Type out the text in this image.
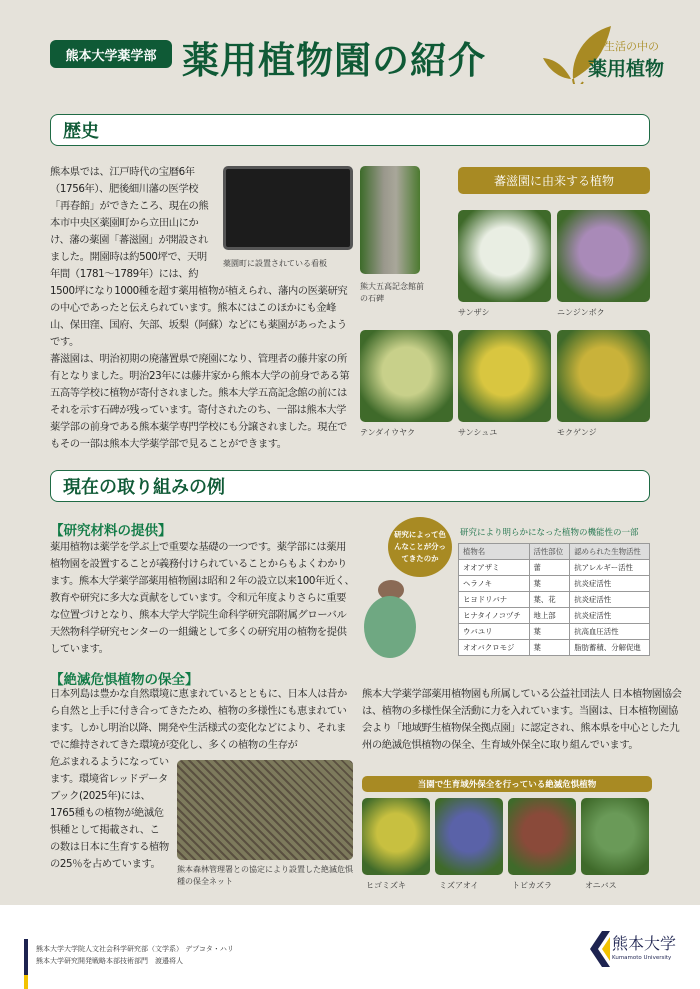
熊本大学薬学部 薬用植物園の紹介	生活の中の
薬用植物
歴史
薬園町に設置されている看板
熊本県では、江戸時代の宝暦6年（1756年）、肥後細川藩の医学校「再春館」ができたころ、現在の熊本市中央区薬園町から立田山にかけ、藩の薬園「蕃滋園」が開設されました。開園時は約500坪で、天明年間（1781～1789年）には、約1500坪になり1000種を超す薬用植物が植えられ、藩内の医薬研究の中心であったと伝えられています。熊本にはこのほかにも金峰山、保田窪、国府、矢部、坂梨（阿蘇）などにも薬園があったようです。
蕃滋園は、明治初期の廃藩置県で廃園になり、管理者の藤井家の所有となりました。明治23年には藤井家から熊本大学の前身である第五高等学校に植物が寄付されました。熊本大学五高記念館の前にはそれを示す石碑が残っています。寄付されたのち、一部は熊本大学薬学部の前身である熊本薬学専門学校にも分譲されました。現在でもその一部は熊本大学薬学部で見ることができます。
熊大五高記念館前の石碑
蕃滋園に由来する植物
サンザシ	ニンジンボク
テンダイウヤク	サンシュユ	モクゲンジ
現在の取り組みの例
【研究材料の提供】
薬用植物は薬学を学ぶ上で重要な基礎の一つです。薬学部には薬用植物園を設置することが義務付けられていることからもよくわかります。熊本大学薬学部薬用植物園は昭和２年の設立以来100年近く、教育や研究に多大な貢献をしています。令和元年度よりさらに重要な位置づけとなり、熊本大学大学院生命科学研究部附属グローバル天然物科学研究センターの一組織として多くの研究用の植物を提供しています。
研究によって色んなことが分ってきたのか
研究により明らかになった植物の機能性の一部
植物名	活性部位	認められた生物活性
オオアザミ	蕾	抗アレルギー活性
ヘラノキ	葉	抗炎症活性
ヒヨドリバナ	葉、花	抗炎症活性
ヒナタイノコヅチ	地上部	抗炎症活性
ウバユリ	葉	抗高血圧活性
オオバクロモジ	葉	脂肪蓄積、分解促進
【絶滅危惧植物の保全】
日本列島は豊かな自然環境に恵まれているとともに、日本人は昔から自然と上手に付き合ってきたため、植物の多様性にも恵まれています。しかし明治以降、開発や生活様式の変化などにより、それまでに維持されてきた環境が変化し、多くの植物の生存が
熊本森林管理署との協定により設置した絶滅危惧種の保全ネット
危ぶまれるようになっています。環境省レッドデータブック(2025年)には、1765種もの植物が絶滅危惧種として掲載され、この数は日本に生育する植物の25％を占めています。
熊本大学薬学部薬用植物園も所属している公益社団法人 日本植物園協会は、植物の多様性保全活動に力を入れています。当園は、日本植物園協会より「地域野生植物保全拠点園」に認定され、熊本県を中心とした九州の絶滅危惧植物の保全、生育域外保全に取り組んでいます。
当園で生育域外保全を行っている絶滅危惧植物
ヒゴミズキ	ミズアオイ	トビカズラ	オニバス
熊本大学大学院人文社会科学研究部（文学系） デプコタ・ハリ
熊本大学研究開発戦略本部技術部門　渡邉将人
熊本大学
Kumamoto University
